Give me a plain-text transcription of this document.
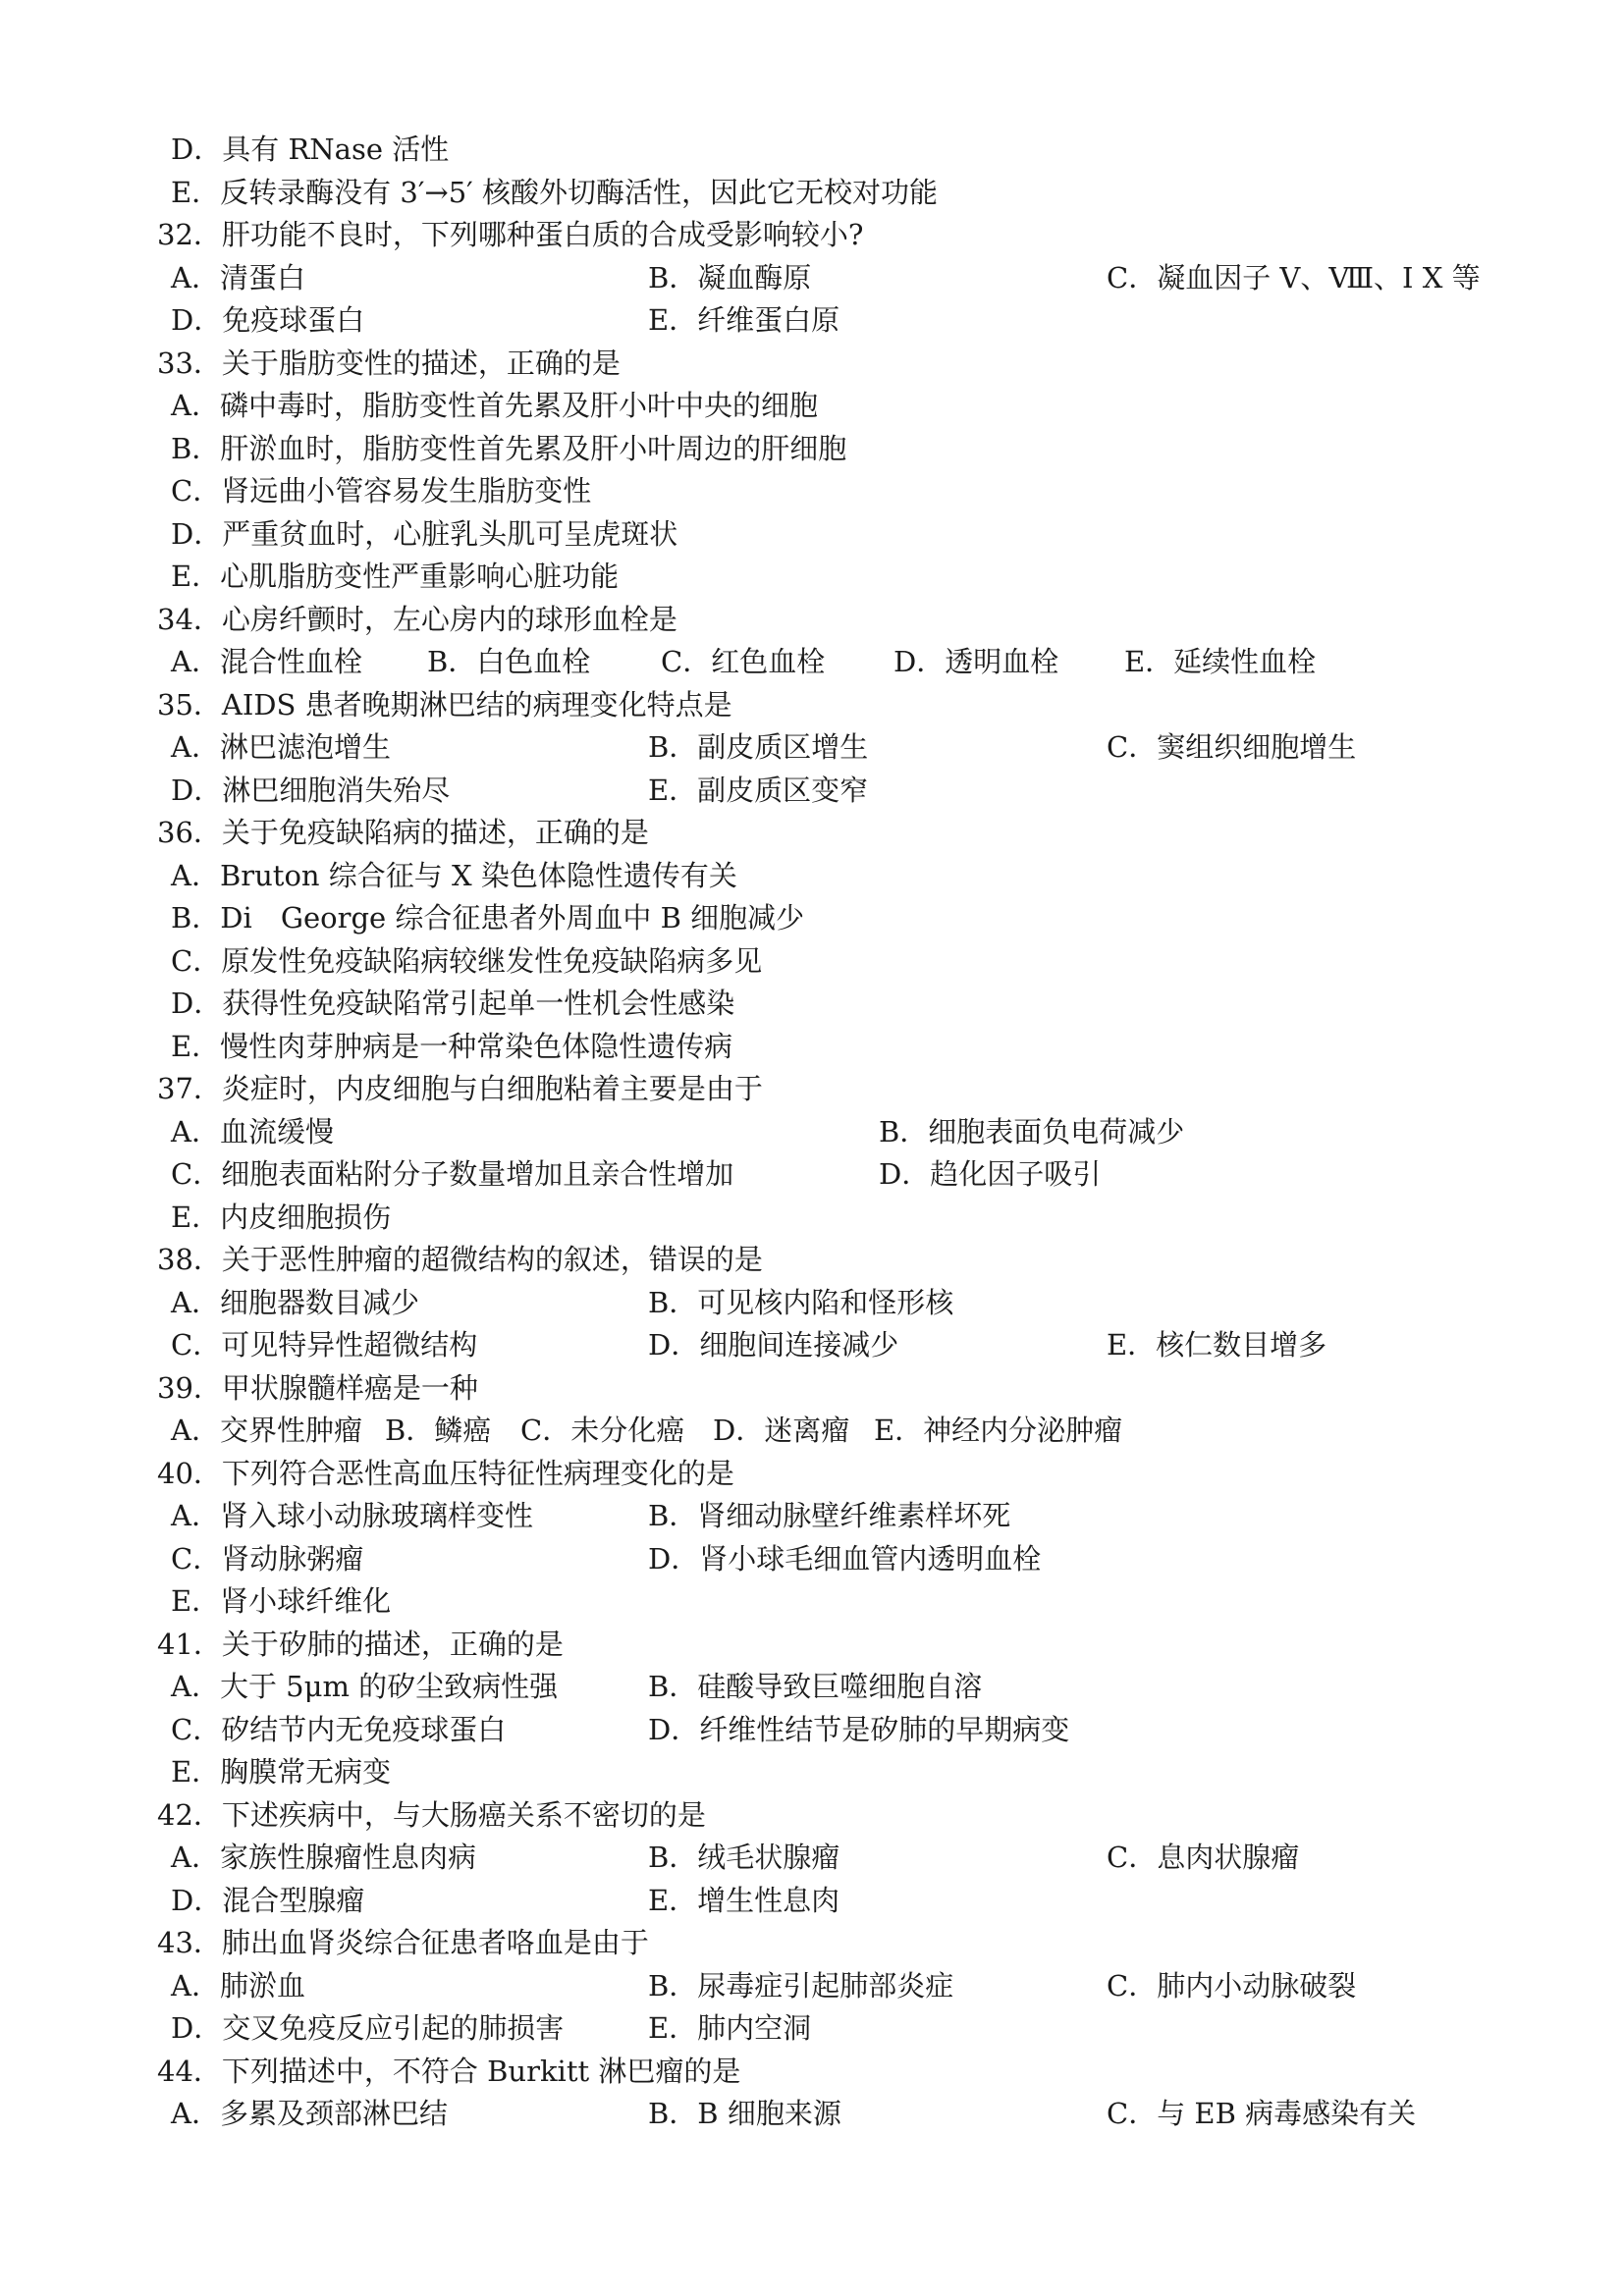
D．具有 RNase 活性
E．反转录酶没有 3′→5′ 核酸外切酶活性，因此它无校对功能
32．肝功能不良时，下列哪种蛋白质的合成受影响较小?
A．清蛋白	B．凝血酶原	C．凝血因子 V、Ⅷ、Ⅰ X 等
D．免疫球蛋白	E．纤维蛋白原
33．关于脂肪变性的描述，正确的是
A．磷中毒时，脂肪变性首先累及肝小叶中央的细胞
B．肝淤血时，脂肪变性首先累及肝小叶周边的肝细胞
C．肾远曲小管容易发生脂肪变性
D．严重贫血时，心脏乳头肌可呈虎斑状
E．心肌脂肪变性严重影响心脏功能
34．心房纤颤时，左心房内的球形血栓是
A．混合性血栓 B．白色血栓 C．红色血栓 D．透明血栓 E．延续性血栓
35．AIDS 患者晚期淋巴结的病理变化特点是
A．淋巴滤泡增生	B．副皮质区增生	C．窦组织细胞增生
D．淋巴细胞消失殆尽	E．副皮质区变窄
36．关于免疫缺陷病的描述，正确的是
A．Bruton 综合征与 X 染色体隐性遗传有关
B．Di　George 综合征患者外周血中 B 细胞减少
C．原发性免疫缺陷病较继发性免疫缺陷病多见
D．获得性免疫缺陷常引起单一性机会性感染
E．慢性肉芽肿病是一种常染色体隐性遗传病
37．炎症时，内皮细胞与白细胞粘着主要是由于
A．血流缓慢	B．细胞表面负电荷减少
C．细胞表面粘附分子数量增加且亲合性增加	D．趋化因子吸引
E．内皮细胞损伤
38．关于恶性肿瘤的超微结构的叙述，错误的是
A．细胞器数目减少	B．可见核内陷和怪形核
C．可见特异性超微结构	D．细胞间连接减少	E．核仁数目增多
39．甲状腺髓样癌是一种
A．交界性肿瘤 B．鳞癌 C．未分化癌 D．迷离瘤 E．神经内分泌肿瘤
40．下列符合恶性高血压特征性病理变化的是
A．肾入球小动脉玻璃样变性	B．肾细动脉壁纤维素样坏死
C．肾动脉粥瘤	D．肾小球毛细血管内透明血栓
E．肾小球纤维化
41．关于矽肺的描述，正确的是
A．大于 5μm 的矽尘致病性强	B．硅酸导致巨噬细胞自溶
C．矽结节内无免疫球蛋白	D．纤维性结节是矽肺的早期病变
E．胸膜常无病变
42．下述疾病中，与大肠癌关系不密切的是
A．家族性腺瘤性息肉病	B．绒毛状腺瘤	C．息肉状腺瘤
D．混合型腺瘤	E．增生性息肉
43．肺出血肾炎综合征患者咯血是由于
A．肺淤血	B．尿毒症引起肺部炎症	C．肺内小动脉破裂
D．交叉免疫反应引起的肺损害	E．肺内空洞
44．下列描述中，不符合 Burkitt 淋巴瘤的是
A．多累及颈部淋巴结	B．B 细胞来源	C．与 EB 病毒感染有关
